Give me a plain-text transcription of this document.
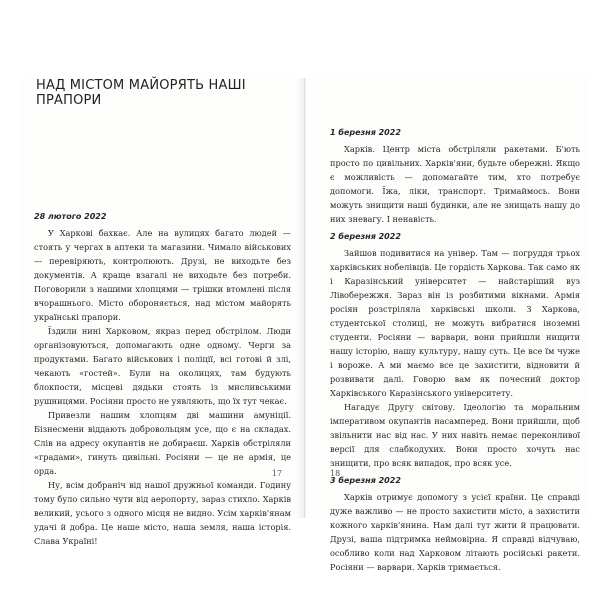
28 лютого 2022

У Харкові бахкає. Але на вулицях багато людей — стоять у чергах в аптеки та магазини. Чимало військових — перевіряють, контролюють. Друзі, не виходьте без документів. А краще взагалі не виходьте без потреби. Поговорили з нашими хлопцями — трішки втомлені після вчорашнього. Місто обороняється, над містом майорять українські прапори.

Їздили нині Харковом, якраз перед обстрілом. Люди організовуються, допомагають одне одному. Черги за продуктами. Багато військових і поліції, всі готові й злі, чекають «гостей». Були на околицях, там будують блокпости, місцеві дядьки стоять із мисливськими рушницями. Росіяни просто не уявляють, що їх тут чекає.

Привезли нашим хлопцям дві машини амуніції. Бізнесмени віддають добровольцям усе, що є на складах. Слів на адресу окупантів не добираєш. Харків обстріляли «градами», гинуть цивільні. Росіяни — це не армія, це орда.

Ну, всім добраніч від нашої дружньої команди. Годину тому було сильно чути від аеропорту, зараз стихло. Харків великий, усього з одного місця не видно. Усім харків'янам удачі й добра. Це наше місто, наша земля, наша історія. Слава Україні!

17
НАД МІСТОМ МАЙОРЯТЬ НАШІ ПРАПОРИ
1 березня 2022

Харків. Центр міста обстріляли ракетами. Б'ють просто по цивільних. Харків'яни, будьте обережні. Якщо є можливість — допомагайте тим, хто потребує допомоги. Їжа, ліки, транспорт. Тримаймось. Вони можуть знищити наші будинки, але не знищать нашу до них зневагу. І ненавість.

2 березня 2022

Зайшов подивитися на універ. Там — погруддя трьох харківських нобелівців. Це гордість Харкова. Так само як і Каразінський університет — найстаріший вуз Лівобережжя. Зараз він із розбитими вікнами. Армія росіян розстріляла харківські школи. З Харкова, студентської столиці, не можуть вибратися іноземні студенти. Росіяни — варвари, вони прийшли нищити нашу історію, нашу культуру, нашу суть. Це все їм чуже і ворожe. А ми маємо все це захистити, відновити й розвивати далі. Говорю вам як почесний доктор Харківського Каразінського університету.

Нагадує Другу світову. Ідеологію та моральним імперативом окупантів насамперед. Вони прийшли, щоб звільнити нас від нас. У них навіть немає переконливої версії для слабкодухих. Вони просто хочуть нас знищити, про всяк випадок, про всяк усе.

3 березня 2022

Харків отримує допомогу з усієї країни. Це справді дуже важливо — не просто захистити місто, а захистити кожного харків'янина. Нам далі тут жити й працювати. Друзі, ваша підтримка неймовірна. Я справді відчуваю, особливо коли над Харковом літають російські ракети. Росіяни — варвари. Харків тримається.

18
